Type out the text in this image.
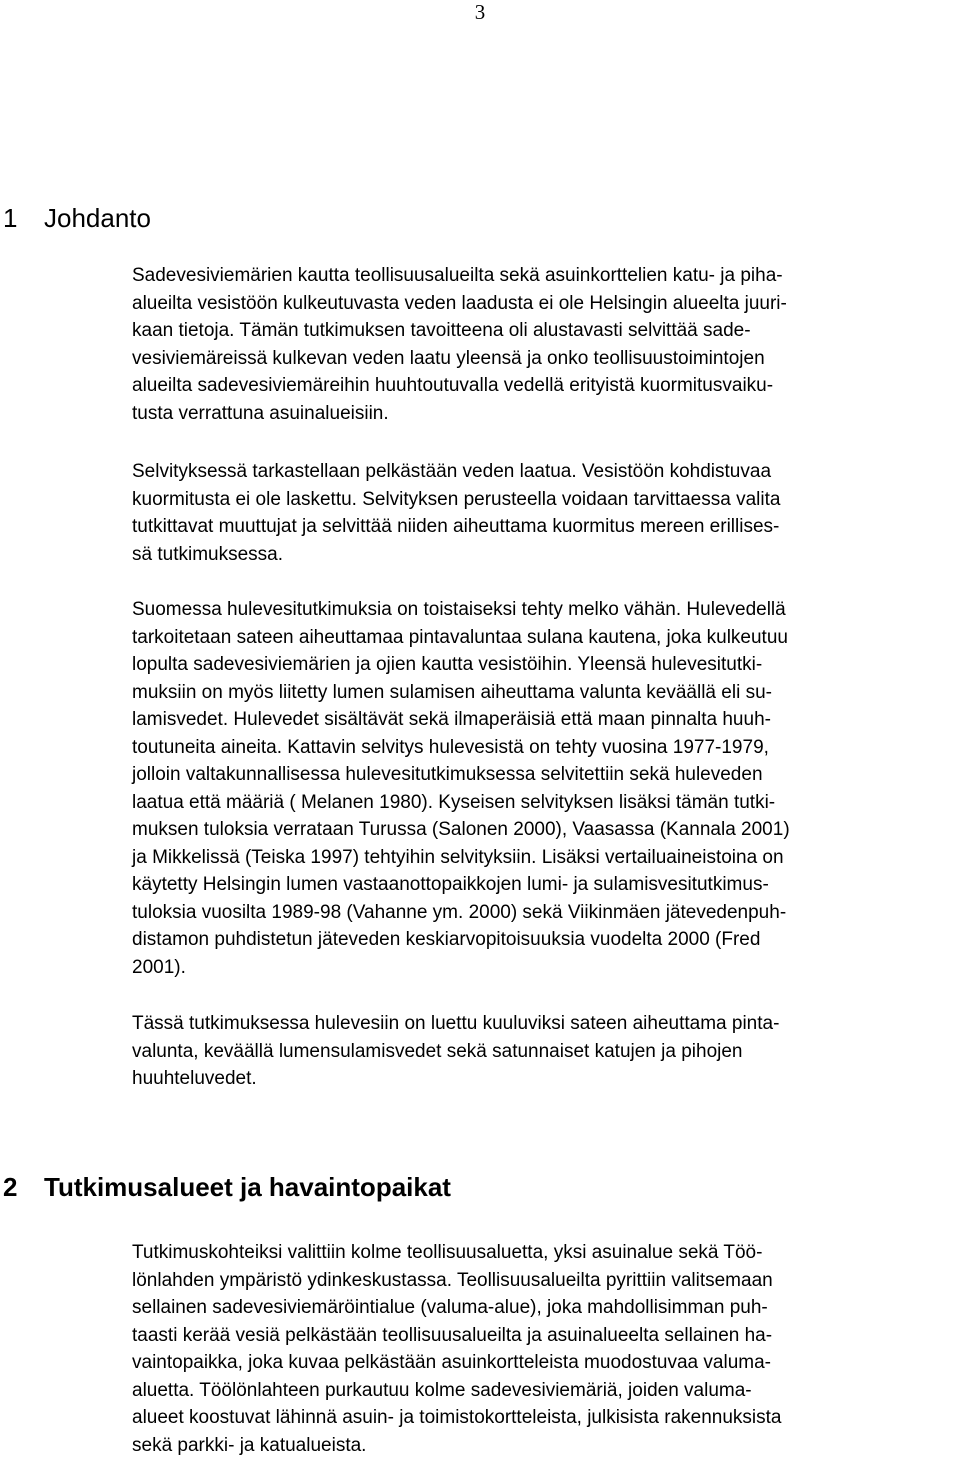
3
1 Johdanto

Sadevesiviemärien kautta teollisuusalueilta sekä asuinkorttelien katu- ja piha-
alueilta vesistöön kulkeutuvasta veden laadusta ei ole Helsingin alueelta juuri-
kaan tietoja. Tämän tutkimuksen tavoitteena oli alustavasti selvittää sade-
vesiviemäreissä kulkevan veden laatu yleensä ja onko teollisuustoimintojen
alueilta sadevesiviemäreihin huuhtoutuvalla vedellä erityistä kuormitusvaiku-
tusta verrattuna asuinalueisiin.

Selvityksessä tarkastellaan pelkästään veden laatua. Vesistöön kohdistuvaa
kuormitusta ei ole laskettu. Selvityksen perusteella voidaan tarvittaessa valita
tutkittavat muuttujat ja selvittää niiden aiheuttama kuormitus mereen erillises-
sä tutkimuksessa.

Suomessa hulevesitutkimuksia on toistaiseksi tehty melko vähän. Hulevedellä
tarkoitetaan sateen aiheuttamaa pintavaluntaa sulana kautena, joka kulkeutuu
lopulta sadevesiviemärien ja ojien kautta vesistöihin. Yleensä hulevesitutki-
muksiin on myös liitetty lumen sulamisen aiheuttama valunta keväällä eli su-
lamisvedet. Hulevedet sisältävät sekä ilmaperäisiä että maan pinnalta huuh-
toutuneita aineita. Kattavin selvitys hulevesistä on tehty vuosina 1977-1979,
jolloin valtakunnallisessa hulevesitutkimuksessa selvitettiin sekä huleveden
laatua että määriä ( Melanen 1980). Kyseisen selvityksen lisäksi tämän tutki-
muksen tuloksia verrataan Turussa (Salonen 2000), Vaasassa (Kannala 2001)
ja Mikkelissä (Teiska 1997) tehtyihin selvityksiin. Lisäksi vertailuaineistoina on
käytetty Helsingin lumen vastaanottopaikkojen lumi- ja sulamisvesitutkimus-
tuloksia vuosilta 1989-98 (Vahanne ym. 2000) sekä Viikinmäen jätevedenpuh-
distamon puhdistetun jäteveden keskiarvopitoisuuksia vuodelta 2000 (Fred
2001).

Tässä tutkimuksessa hulevesiin on luettu kuuluviksi sateen aiheuttama pintа-
valunta, keväällä lumensulamisvedet sekä satunnaiset katujen ja pihojen
huuhteluvedet.

2 Tutkimusalueet ja havaintopaikat

Tutkimuskohteiksi valittiin kolme teollisuusaluetta, yksi asuinalue sekä Töö-
lönlahden ympäristö ydinkeskustassa. Teollisuusalueilta pyrittiin valitsemaan
sellainen sadevesiviemäröintialue (valuma-alue), joka mahdollisimman puh-
taasti kerää vesiä pelkästään teollisuusalueilta ja asuinalueelta sellainen ha-
vaintopaikka, joka kuvaa pelkästään asuinkortteleista muodostuvaa valuma-
aluetta. Töölönlahteen purkautuu kolme sadevesiviemäriä, joiden valuma-
alueet koostuvat lähinnä asuin- ja toimistokortteleista, julkisista rakennuksista
sekä parkki- ja katualueista.
